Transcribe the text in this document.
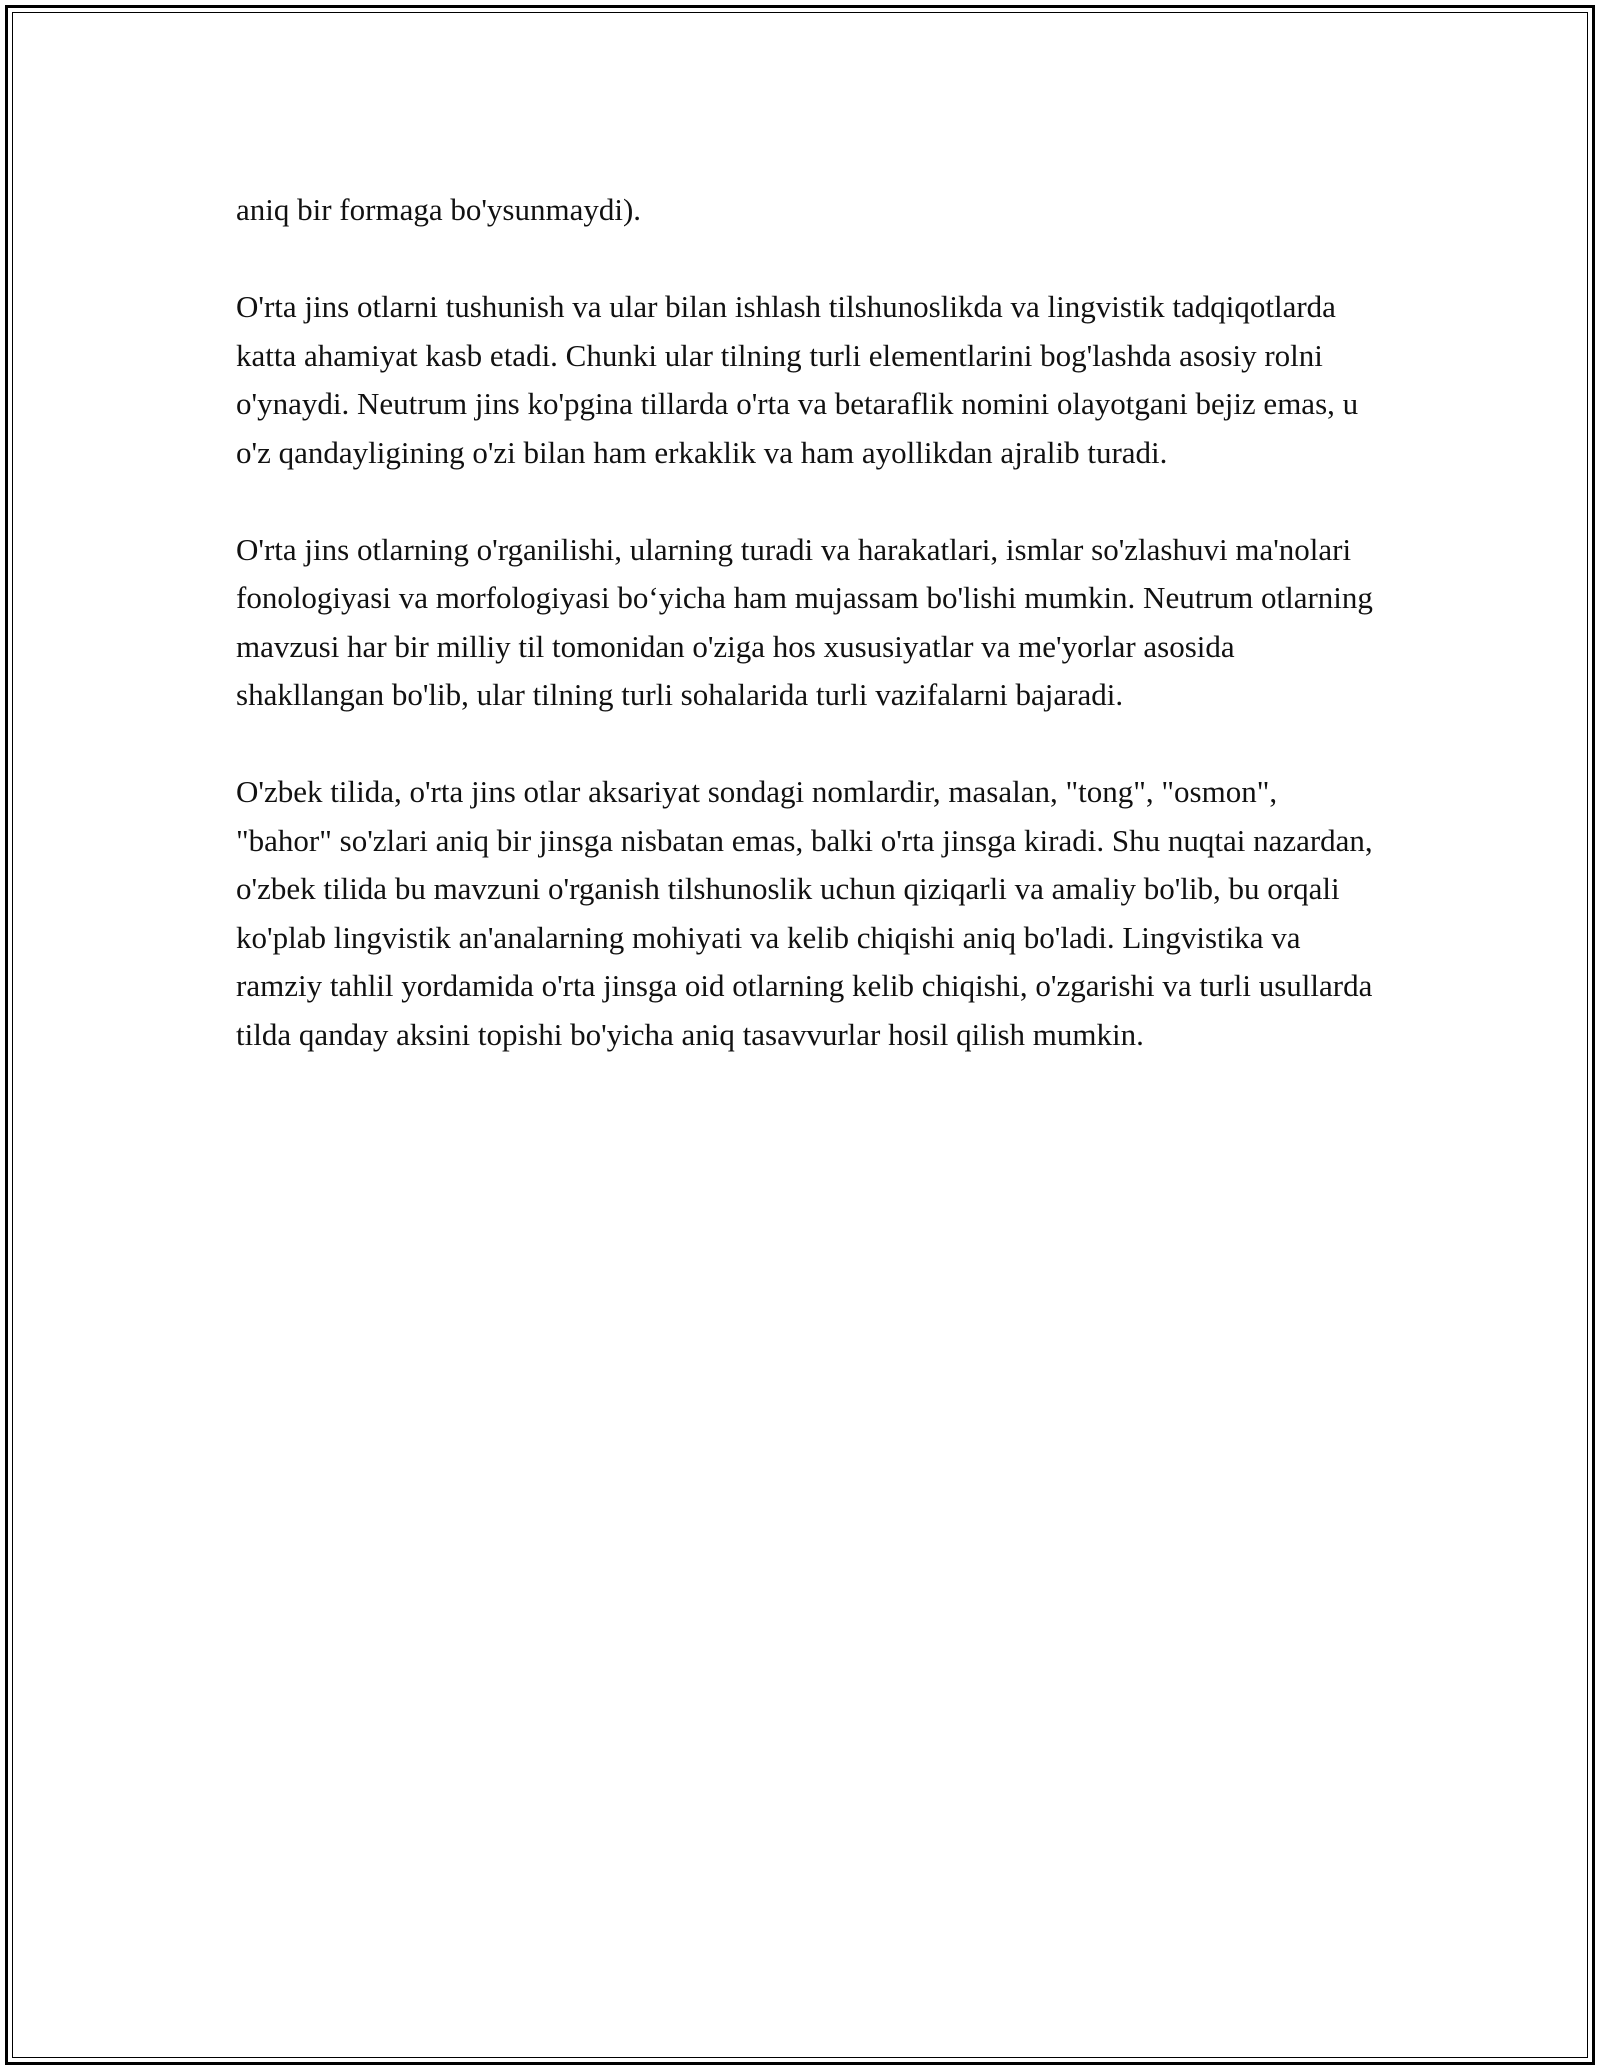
aniq bir formaga bo'ysunmaydi).

O'rta jins otlarni tushunish va ular bilan ishlash tilshunoslikda va lingvistik tadqiqotlarda katta ahamiyat kasb etadi. Chunki ular tilning turli elementlarini bog'lashda asosiy rolni o'ynaydi. Neutrum jins ko'pgina tillarda o'rta va betaraflik nomini olayotgani bejiz emas, u o'z qandayligining o'zi bilan ham erkaklik va ham ayollikdan ajralib turadi.

O'rta jins otlarning o'rganilishi, ularning turadi va harakatlari, ismlar so'zlashuvi ma'nolari fonologiyasi va morfologiyasi bo‘yicha ham mujassam bo'lishi mumkin. Neutrum otlarning mavzusi har bir milliy til tomonidan o'ziga hos xususiyatlar va me'yorlar asosida shakllangan bo'lib, ular tilning turli sohalarida turli vazifalarni bajaradi.

O'zbek tilida, o'rta jins otlar aksariyat sondagi nomlardir, masalan, "tong", "osmon", "bahor" so'zlari aniq bir jinsga nisbatan emas, balki o'rta jinsga kiradi. Shu nuqtai nazardan, o'zbek tilida bu mavzuni o'rganish tilshunoslik uchun qiziqarli va amaliy bo'lib, bu orqali ko'plab lingvistik an'analarning mohiyati va kelib chiqishi aniq bo'ladi. Lingvistika va ramziy tahlil yordamida o'rta jinsga oid otlarning kelib chiqishi, o'zgarishi va turli usullarda tilda qanday aksini topishi bo'yicha aniq tasavvurlar hosil qilish mumkin.
